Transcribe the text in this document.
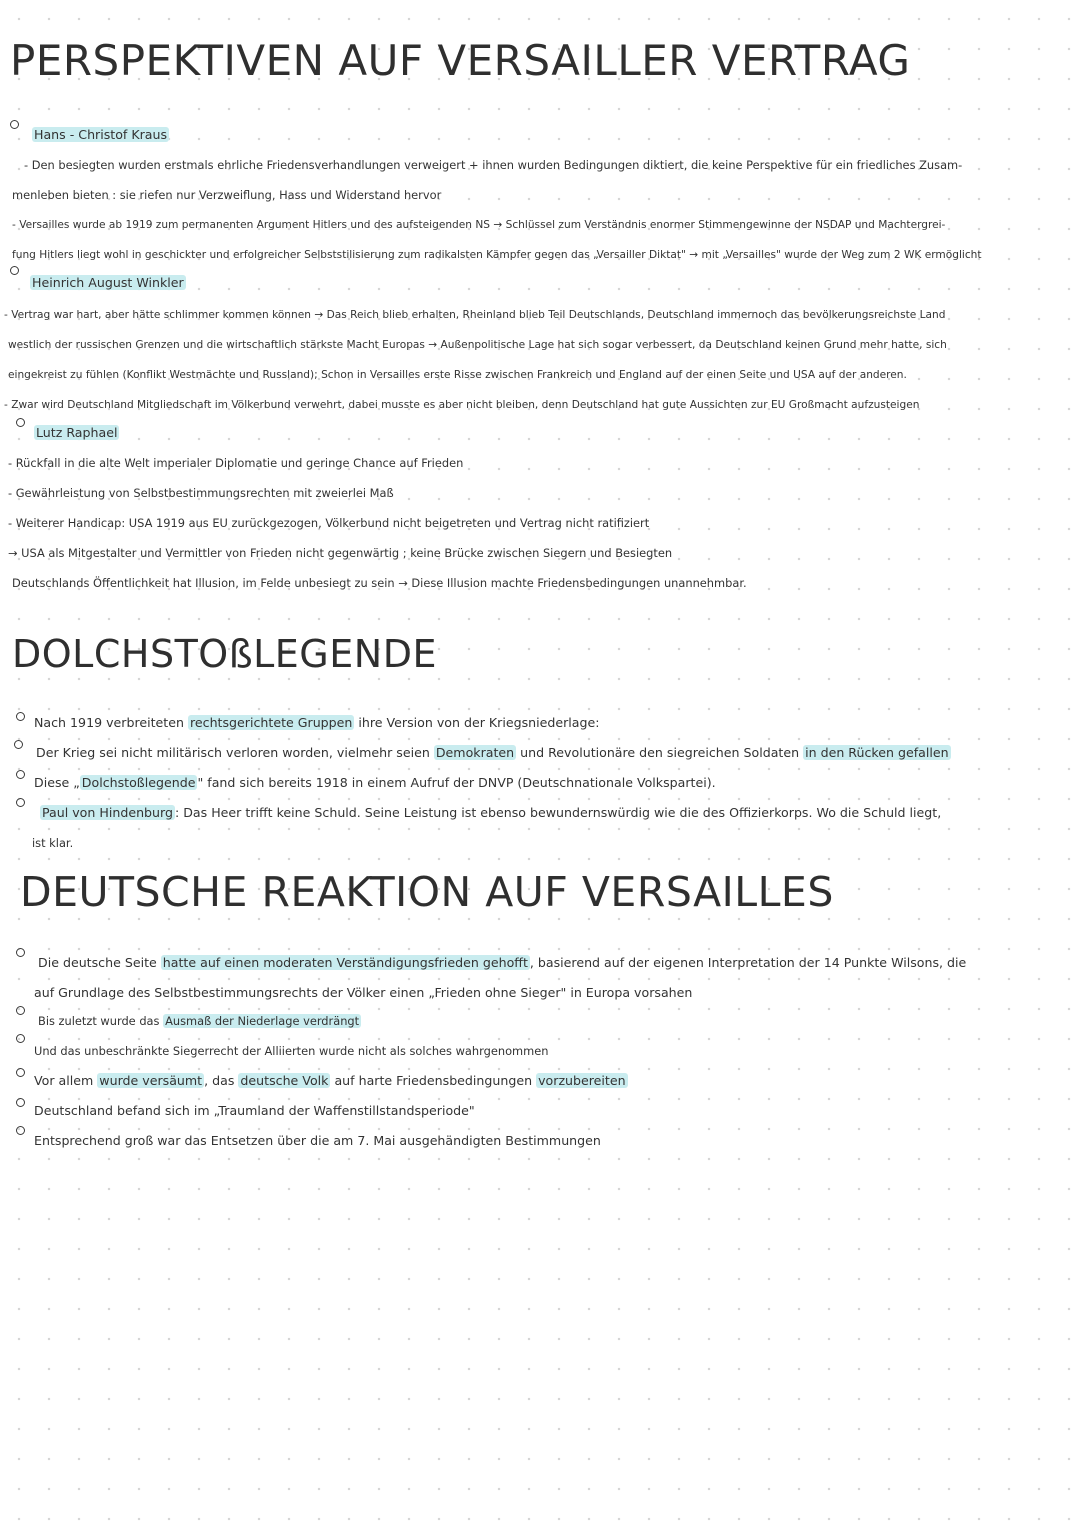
PERSPEKTIVEN AUF VERSAILLER VERTRAG
Hans - Christof Kraus
- Den besiegten wurden erstmals ehrliche Friedensverhandlungen verweigert + ihnen wurden Bedingungen diktiert, die keine Perspektive für ein friedliches Zusam-
menleben bieten : sie riefen nur Verzweiflung, Hass und Widerstand hervor
- Versailles wurde ab 1919 zum permanenten Argument Hitlers und des aufsteigenden NS → Schlüssel zum Verständnis enormer Stimmengewinne der NSDAP und Machtergrei-
fung Hitlers liegt wohl in geschickter und erfolgreicher Selbststilisierung zum radikalsten Kämpfer gegen das „Versailler Diktat" → mit „Versailles" wurde der Weg zum 2 WK ermöglicht
Heinrich August Winkler
- Vertrag war hart, aber hätte schlimmer kommen können → Das Reich blieb erhalten, Rheinland blieb Teil Deutschlands, Deutschland immernoch das bevölkerungsreichste Land
westlich der russischen Grenzen und die wirtschaftlich stärkste Macht Europas → Außenpolitische Lage hat sich sogar verbessert, da Deutschland keinen Grund mehr hatte, sich
eingekreist zu fühlen (Konflikt Westmächte und Russland); Schon in Versailles erste Risse zwischen Frankreich und England auf der einen Seite und USA auf der anderen.
- Zwar wird Deutschland Mitgliedschaft im Völkerbund verwehrt, dabei musste es aber nicht bleiben, denn Deutschland hat gute Aussichten zur EU Großmacht aufzusteigen
Lutz Raphael
- Rückfall in die alte Welt imperialer Diplomatie und geringe Chance auf Frieden
- Gewährleistung von Selbstbestimmungsrechten mit zweierlei Maß
- Weiterer Handicap: USA 1919 aus EU zurückgezogen, Völkerbund nicht beigetreten und Vertrag nicht ratifiziert
→ USA als Mitgestalter und Vermittler von Frieden nicht gegenwärtig ; keine Brücke zwischen Siegern und Besiegten
Deutschlands Öffentlichkeit hat Illusion, im Felde unbesiegt zu sein → Diese Illusion machte Friedensbedingungen unannehmbar.
DOLCHSTOßLEGENDE
Nach 1919 verbreiteten rechtsgerichtete Gruppen ihre Version von der Kriegsniederlage:
Der Krieg sei nicht militärisch verloren worden, vielmehr seien Demokraten und Revolutionäre den siegreichen Soldaten in den Rücken gefallen
Diese „ Dolchstoßlegende " fand sich bereits 1918 in einem Aufruf der DNVP (Deutschnationale Volkspartei).
Paul von Hindenburg : Das Heer trifft keine Schuld. Seine Leistung ist ebenso bewundernswürdig wie die des Offizierkorps. Wo die Schuld liegt,
ist klar.
DEUTSCHE REAKTION AUF VERSAILLES
Die deutsche Seite hatte auf einen moderaten Verständigungsfrieden gehofft , basierend auf der eigenen Interpretation der 14 Punkte Wilsons, die
auf Grundlage des Selbstbestimmungsrechts der Völker einen „Frieden ohne Sieger" in Europa vorsahen
Bis zuletzt wurde das Ausmaß der Niederlage verdrängt
Und das unbeschränkte Siegerrecht der Alliierten wurde nicht als solches wahrgenommen
Vor allem wurde versäumt , das deutsche Volk auf harte Friedensbedingungen vorzubereiten
Deutschland befand sich im „Traumland der Waffenstillstandsperiode"
Entsprechend groß war das Entsetzen über die am 7. Mai ausgehändigten Bestimmungen
